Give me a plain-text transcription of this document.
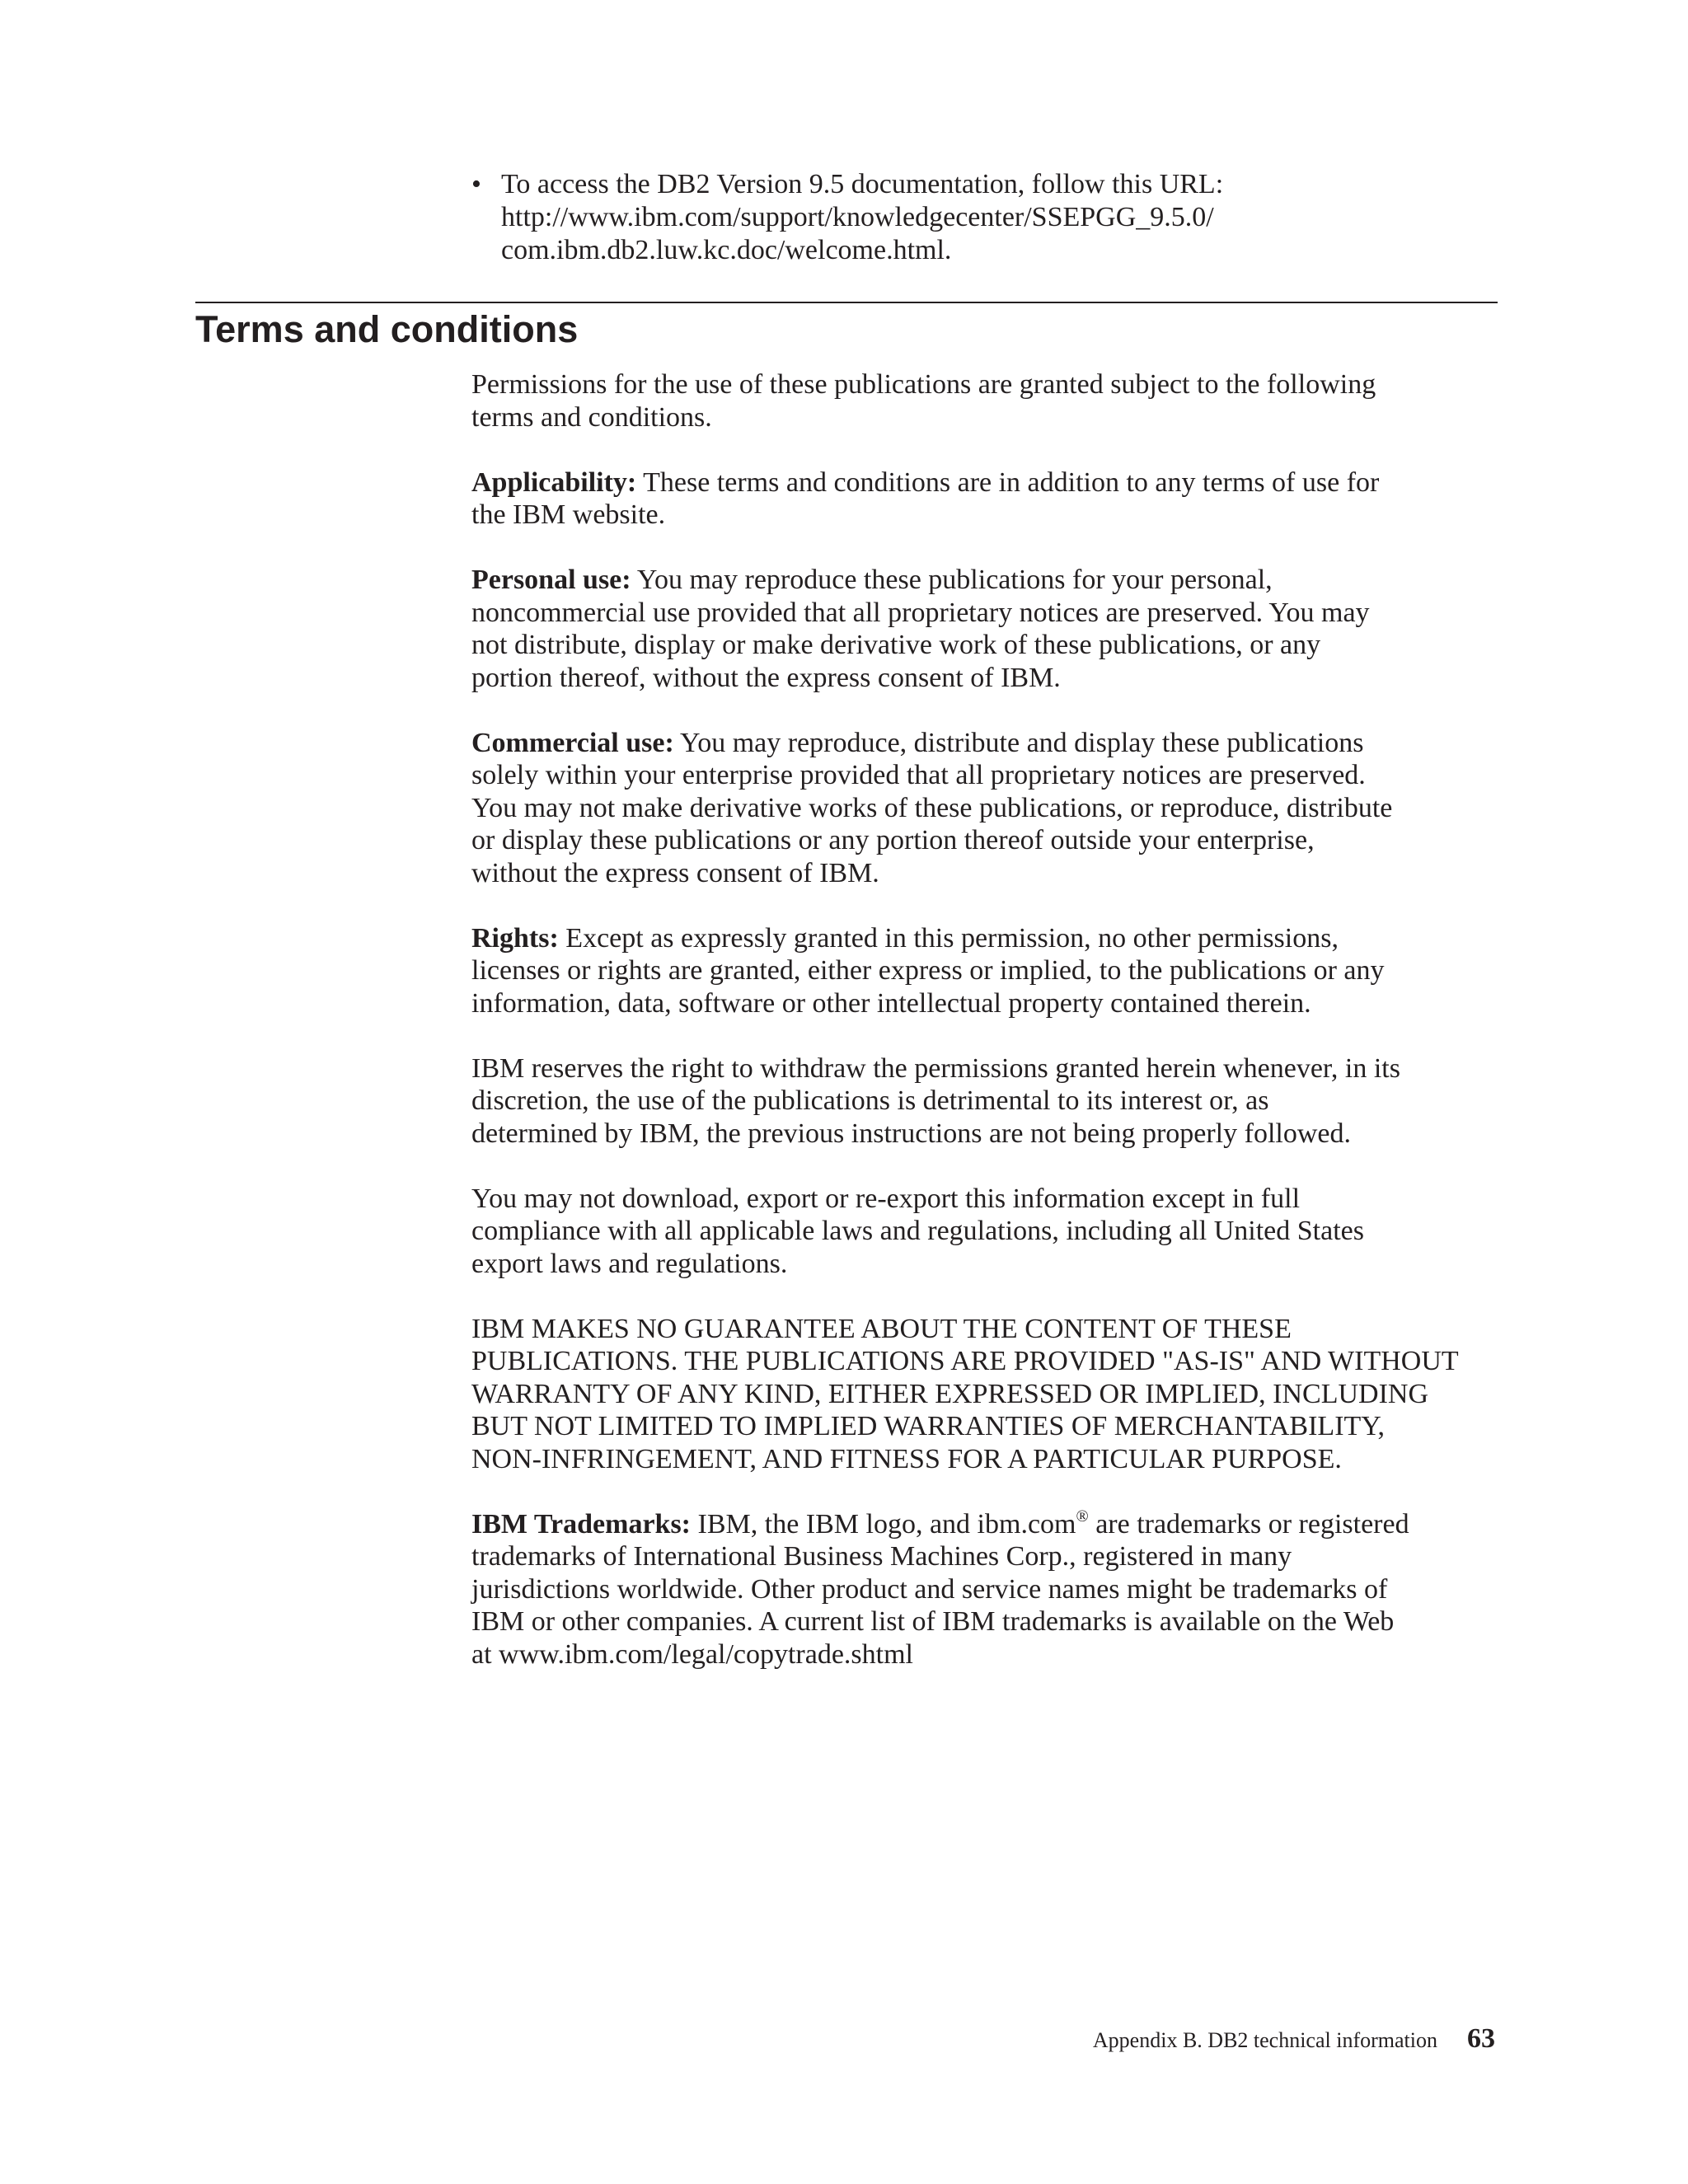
• To access the DB2 Version 9.5 documentation, follow this URL:
http://www.ibm.com/support/knowledgecenter/SSEPGG_9.5.0/
com.ibm.db2.luw.kc.doc/welcome.html.
Terms and conditions

Permissions for the use of these publications are granted subject to the following
terms and conditions.

Applicability: These terms and conditions are in addition to any terms of use for
the IBM website.

Personal use: You may reproduce these publications for your personal,
noncommercial use provided that all proprietary notices are preserved. You may
not distribute, display or make derivative work of these publications, or any
portion thereof, without the express consent of IBM.

Commercial use: You may reproduce, distribute and display these publications
solely within your enterprise provided that all proprietary notices are preserved.
You may not make derivative works of these publications, or reproduce, distribute
or display these publications or any portion thereof outside your enterprise,
without the express consent of IBM.

Rights: Except as expressly granted in this permission, no other permissions,
licenses or rights are granted, either express or implied, to the publications or any
information, data, software or other intellectual property contained therein.

IBM reserves the right to withdraw the permissions granted herein whenever, in its
discretion, the use of the publications is detrimental to its interest or, as
determined by IBM, the previous instructions are not being properly followed.

You may not download, export or re-export this information except in full
compliance with all applicable laws and regulations, including all United States
export laws and regulations.

IBM MAKES NO GUARANTEE ABOUT THE CONTENT OF THESE
PUBLICATIONS. THE PUBLICATIONS ARE PROVIDED "AS-IS" AND WITHOUT
WARRANTY OF ANY KIND, EITHER EXPRESSED OR IMPLIED, INCLUDING
BUT NOT LIMITED TO IMPLIED WARRANTIES OF MERCHANTABILITY,
NON-INFRINGEMENT, AND FITNESS FOR A PARTICULAR PURPOSE.

IBM Trademarks: IBM, the IBM logo, and ibm.com® are trademarks or registered
trademarks of International Business Machines Corp., registered in many
jurisdictions worldwide. Other product and service names might be trademarks of
IBM or other companies. A current list of IBM trademarks is available on the Web
at www.ibm.com/legal/copytrade.shtml

Appendix B. DB2 technical information 63
